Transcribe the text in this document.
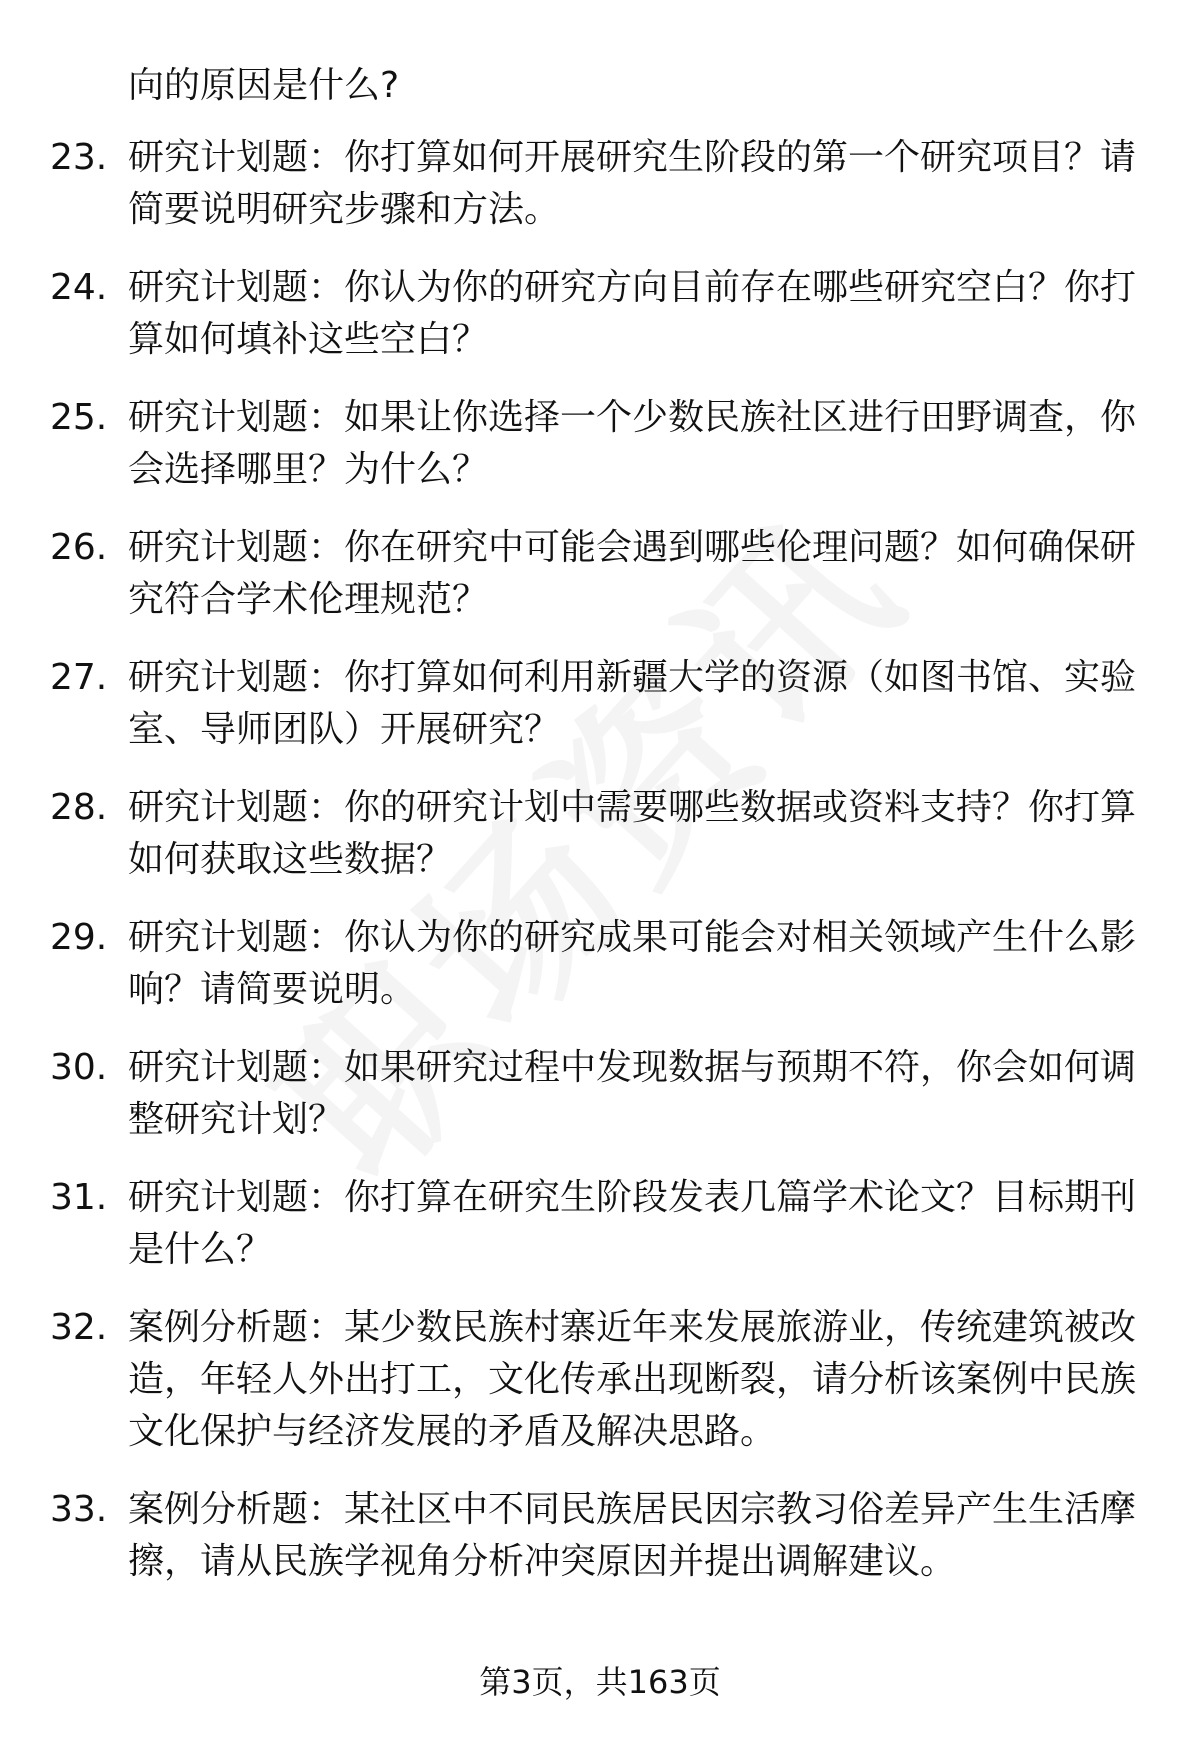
向的原因是什么?
23. 研究计划题：你打算如何开展研究生阶段的第一个研究项目？请简要说明研究步骤和方法。
24. 研究计划题：你认为你的研究方向目前存在哪些研究空白？你打算如何填补这些空白？
25. 研究计划题：如果让你选择一个少数民族社区进行田野调查，你会选择哪里？为什么？
26. 研究计划题：你在研究中可能会遇到哪些伦理问题？如何确保研究符合学术伦理规范？
27. 研究计划题：你打算如何利用新疆大学的资源（如图书馆、实验室、导师团队）开展研究？
28. 研究计划题：你的研究计划中需要哪些数据或资料支持？你打算如何获取这些数据？
29. 研究计划题：你认为你的研究成果可能会对相关领域产生什么影响？请简要说明。
30. 研究计划题：如果研究过程中发现数据与预期不符，你会如何调整研究计划？
31. 研究计划题：你打算在研究生阶段发表几篇学术论文？目标期刊是什么？
32. 案例分析题：某少数民族村寨近年来发展旅游业，传统建筑被改造，年轻人外出打工，文化传承出现断裂，请分析该案例中民族文化保护与经济发展的矛盾及解决思路。
33. 案例分析题：某社区中不同民族居民因宗教习俗差异产生生活摩擦，请从民族学视角分析冲突原因并提出调解建议。
第3页，共163页
